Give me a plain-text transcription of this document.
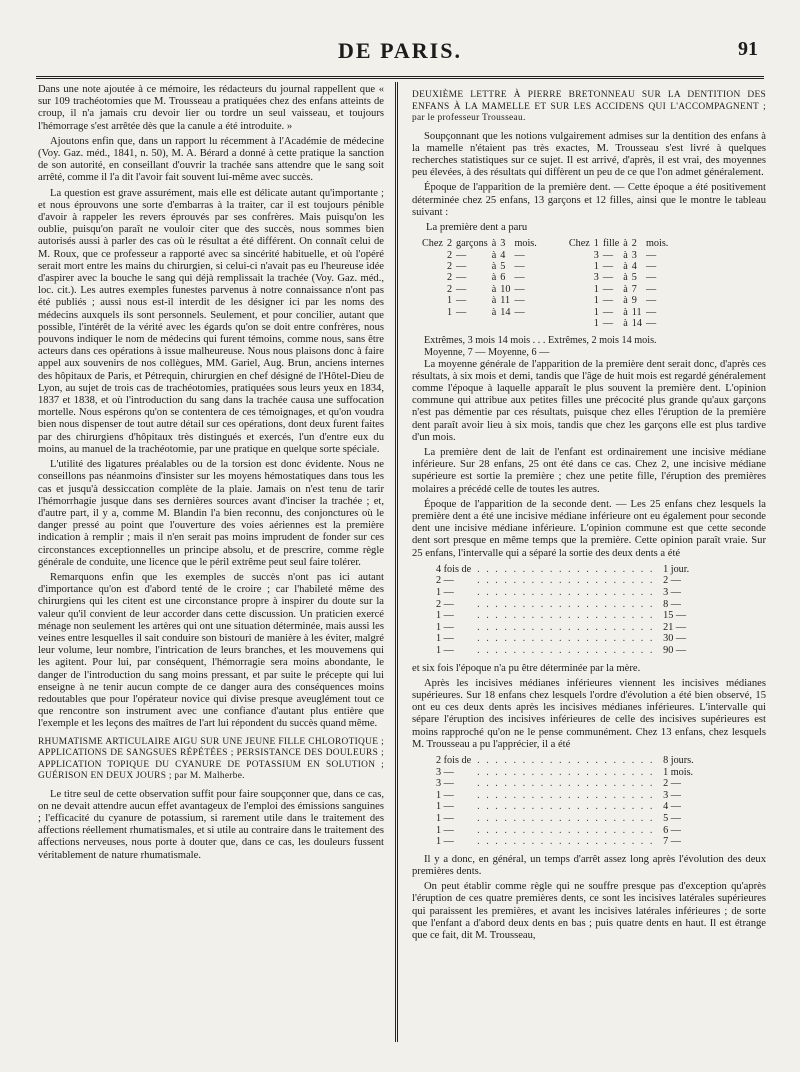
DE PARIS.	91

Dans une note ajoutée à ce mémoire, les rédacteurs du journal rappellent que « sur 109 trachéotomies que M. Trousseau a pratiquées chez des enfans atteints de croup, il n'a jamais cru devoir lier ou tordre un seul vaisseau, et toujours l'hémorrage s'est arrêtée dès que la canule a été introduite. »

Ajoutons enfin que, dans un rapport lu récemment à l'Académie de médecine (Voy. Gaz. méd., 1841, n. 50), M. A. Bérard a donné à cette pratique la sanction de son autorité, en conseillant d'ouvrir la trachée sans attendre que le sang soit arrêté, comme il l'a dit l'avoir fait souvent lui-même avec succès.

La question est grave assurément, mais elle est délicate autant qu'importante ; et nous éprouvons une sorte d'embarras à la traiter, car il est toujours pénible d'avoir à rappeler les revers éprouvés par ses confrères. Mais puisqu'on les oublie, puisqu'on paraît ne vouloir citer que des succès, nous sommes bien autorisés aussi à parler des cas où le résultat a été différent. On connaît celui de M. Roux, que ce professeur a rapporté avec sa sincérité habituelle, et où l'opéré serait mort entre les mains du chirurgien, si celui-ci n'avait pas eu l'heureuse idée d'aspirer avec la bouche le sang qui déjà remplissait la trachée (Voy. Gaz. méd., loc. cit.). Les autres exemples funestes parvenus à notre connaissance n'ont pas été publiés ; aussi nous est-il interdit de les désigner ici par les noms des médecins auxquels ils sont personnels. Seulement, et pour concilier, autant que possible, l'intérêt de la vérité avec les égards qu'on se doit entre confrères, nous pouvons indiquer le nom de médecins qui furent témoins, comme nous, sans être acteurs dans ces opérations à issue malheureuse. Nous nous plaisons donc à faire appel aux souvenirs de nos collègues, MM. Gariel, Aug. Brun, anciens internes des hôpitaux de Paris, et Pétrequin, chirurgien en chef désigné de l'Hôtel-Dieu de Lyon, au sujet de trois cas de trachéotomies, pratiquées sous leurs yeux en 1834, 1837 et 1838, et où l'introduction du sang dans la trachée causa une suffocation mortelle. Nous espérons qu'on se contentera de ces témoignages, et qu'on voudra bien nous dispenser de tout autre détail sur ces opérations, dont deux furent faites par des chirurgiens d'hôpitaux très distingués et exercés, l'un d'entre eux du moins, au manuel de la trachéotomie, par une pratique en quelque sorte spéciale.

L'utilité des ligatures préalables ou de la torsion est donc évidente. Nous ne conseillons pas néanmoins d'insister sur les moyens hémostatiques dans tous les cas et jusqu'à dessiccation complète de la plaie. Jamais on n'est tenu de tarir l'hémorrhagie jusque dans ses dernières sources avant d'inciser la trachée ; et, d'autre part, il y a, comme M. Blandin l'a bien reconnu, des conjonctures où le danger pressé au point que l'ouverture des voies aériennes est la première indication à remplir ; mais il n'en serait pas moins imprudent de fonder sur ces circonstances exceptionnelles un principe absolu, et de prescrire, comme règle générale de conduite, une licence que le péril extrême peut seul faire tolérer.

Remarquons enfin que les exemples de succès n'ont pas ici autant d'importance qu'on est d'abord tenté de le croire ; car l'habileté même des chirurgiens qui les citent est une circonstance propre à inspirer du doute sur la valeur qu'il convient de leur accorder dans cette discussion. Un praticien exercé ménage non seulement les artères qui ont une situation déterminée, mais aussi les veines entre lesquelles il sait conduire son bistouri de manière à les éviter, malgré leur volume, leur nombre, l'intrication de leurs branches, et les mouvemens qui les agitent. Pour lui, par conséquent, l'hémorragie sera moins abondante, le danger de l'introduction du sang moins pressant, et par suite le précepte qui lui enseigne à ne tenir aucun compte de ce danger aura des conséquences moins redoutables que pour l'opérateur novice qui divise presque aveuglément tout ce que rencontre son instrument avec une confiance d'autant plus entière que l'exemple et les leçons des maîtres de l'art lui répondent du succès quand même.

RHUMATISME ARTICULAIRE AIGU SUR UNE JEUNE FILLE CHLOROTIQUE ; APPLICATIONS DE SANGSUES RÉPÉTÉES ; PERSISTANCE DES DOULEURS ; APPLICATION TOPIQUE DU CYANURE DE POTASSIUM EN SOLUTION ; GUÉRISON EN DEUX JOURS ; par M. Malherbe.

Le titre seul de cette observation suffit pour faire soupçonner que, dans ce cas, on ne devait attendre aucun effet avantageux de l'emploi des émissions sanguines ; l'efficacité du cyanure de potassium, si rarement utile dans le traitement des affections réellement rhumatismales, et si utile au contraire dans le traitement des affections nerveuses, nous porte à douter que, dans ce cas, les douleurs fussent véritablement de nature rhumatismale.

DEUXIÈME LETTRE À PIERRE BRETONNEAU SUR LA DENTITION DES ENFANS À LA MAMELLE ET SUR LES ACCIDENS QUI L'ACCOMPAGNENT ; par le professeur Trousseau.

Soupçonnant que les notions vulgairement admises sur la dentition des enfans à la mamelle n'étaient pas très exactes, M. Trousseau s'est livré à quelques recherches statistiques sur ce sujet. Il est arrivé, d'après, il est vrai, des moyennes peu élevées, à des résultats qui diffèrent un peu de ce que l'on admet généralement.

Époque de l'apparition de la première dent. — Cette époque a été positivement déterminée chez 25 enfans, 13 garçons et 12 filles, ainsi que le montre le tableau suivant :

La première dent a paru
Chez	2	garçons	à	3	mois.		Chez	1	fille	à	2	mois.
	2	—	à	4	—			3	—	à	3	—
	2	—	à	5	—			1	—	à	4	—
	2	—	à	6	—			3	—	à	5	—
	2	—	à	10	—			1	—	à	7	—
	1	—	à	11	—			1	—	à	9	—
	1	—	à	14	—			1	—	à	11	—
								1	—	à	14	—
Extrêmes, 3 mois 14 mois . . . Extrêmes, 2 mois 14 mois.
Moyenne, 7 — Moyenne, 6 —

La moyenne générale de l'apparition de la première dent serait donc, d'après ces résultats, à six mois et demi, tandis que l'âge de huit mois est regardé généralement comme l'époque à laquelle apparaît le plus souvent la première dent. L'opinion commune qui attribue aux petites filles une précocité plus grande qu'aux garçons n'est pas démentie par ces résultats, puisque chez elles l'éruption de la première dent paraît avoir lieu à six mois, tandis que chez les garçons elle est plus tardive d'un mois.

La première dent de lait de l'enfant est ordinairement une incisive médiane inférieure. Sur 28 enfans, 25 ont été dans ce cas. Chez 2, une incisive médiane supérieure est sortie la première ; chez une petite fille, l'éruption des premières molaires a précédé celle de toutes les autres.

Époque de l'apparition de la seconde dent. — Les 25 enfans chez lesquels la première dent a été une incisive médiane inférieure ont eu également pour seconde dent une incisive médiane inférieure. L'opinion commune est que cette seconde dent sort presque en même temps que la première. Cette opinion paraît vraie. Sur 25 enfans, l'intervalle qui a séparé la sortie des deux dents a été

4 fois de	. . . . . . . . . . . . . . . . . . . .	1 jour.
2 —	. . . . . . . . . . . . . . . . . . . .	2 —
1 —	. . . . . . . . . . . . . . . . . . . .	3 —
2 —	. . . . . . . . . . . . . . . . . . . .	8 —
1 —	. . . . . . . . . . . . . . . . . . . .	15 —
1 —	. . . . . . . . . . . . . . . . . . . .	21 —
1 —	. . . . . . . . . . . . . . . . . . . .	30 —
1 —	. . . . . . . . . . . . . . . . . . . .	90 —

et six fois l'époque n'a pu être déterminée par la mère.

Après les incisives médianes inférieures viennent les incisives médianes supérieures. Sur 18 enfans chez lesquels l'ordre d'évolution a été bien observé, 15 ont eu ces deux dents après les incisives médianes inférieures. L'intervalle qui sépare l'éruption des incisives inférieures de celle des incisives supérieures est moins rapproché qu'on ne le pense communément. Chez 13 enfans, chez lesquels M. Trousseau a pu l'apprécier, il a été

2 fois de	. . . . . . . . . . . . . . . . . . . .	8 jours.
3 —	. . . . . . . . . . . . . . . . . . . .	1 mois.
3 —	. . . . . . . . . . . . . . . . . . . .	2 —
1 —	. . . . . . . . . . . . . . . . . . . .	3 —
1 —	. . . . . . . . . . . . . . . . . . . .	4 —
1 —	. . . . . . . . . . . . . . . . . . . .	5 —
1 —	. . . . . . . . . . . . . . . . . . . .	6 —
1 —	. . . . . . . . . . . . . . . . . . . .	7 —

Il y a donc, en général, un temps d'arrêt assez long après l'évolution des deux premières dents.

On peut établir comme règle qui ne souffre presque pas d'exception qu'après l'éruption de ces quatre premières dents, ce sont les incisives latérales supérieures qui paraissent les premières, et avant les incisives latérales inférieures ; de sorte que l'enfant a d'abord deux dents en bas ; puis quatre dents en haut. Il est étrange que ce fait, dit M. Trousseau,
